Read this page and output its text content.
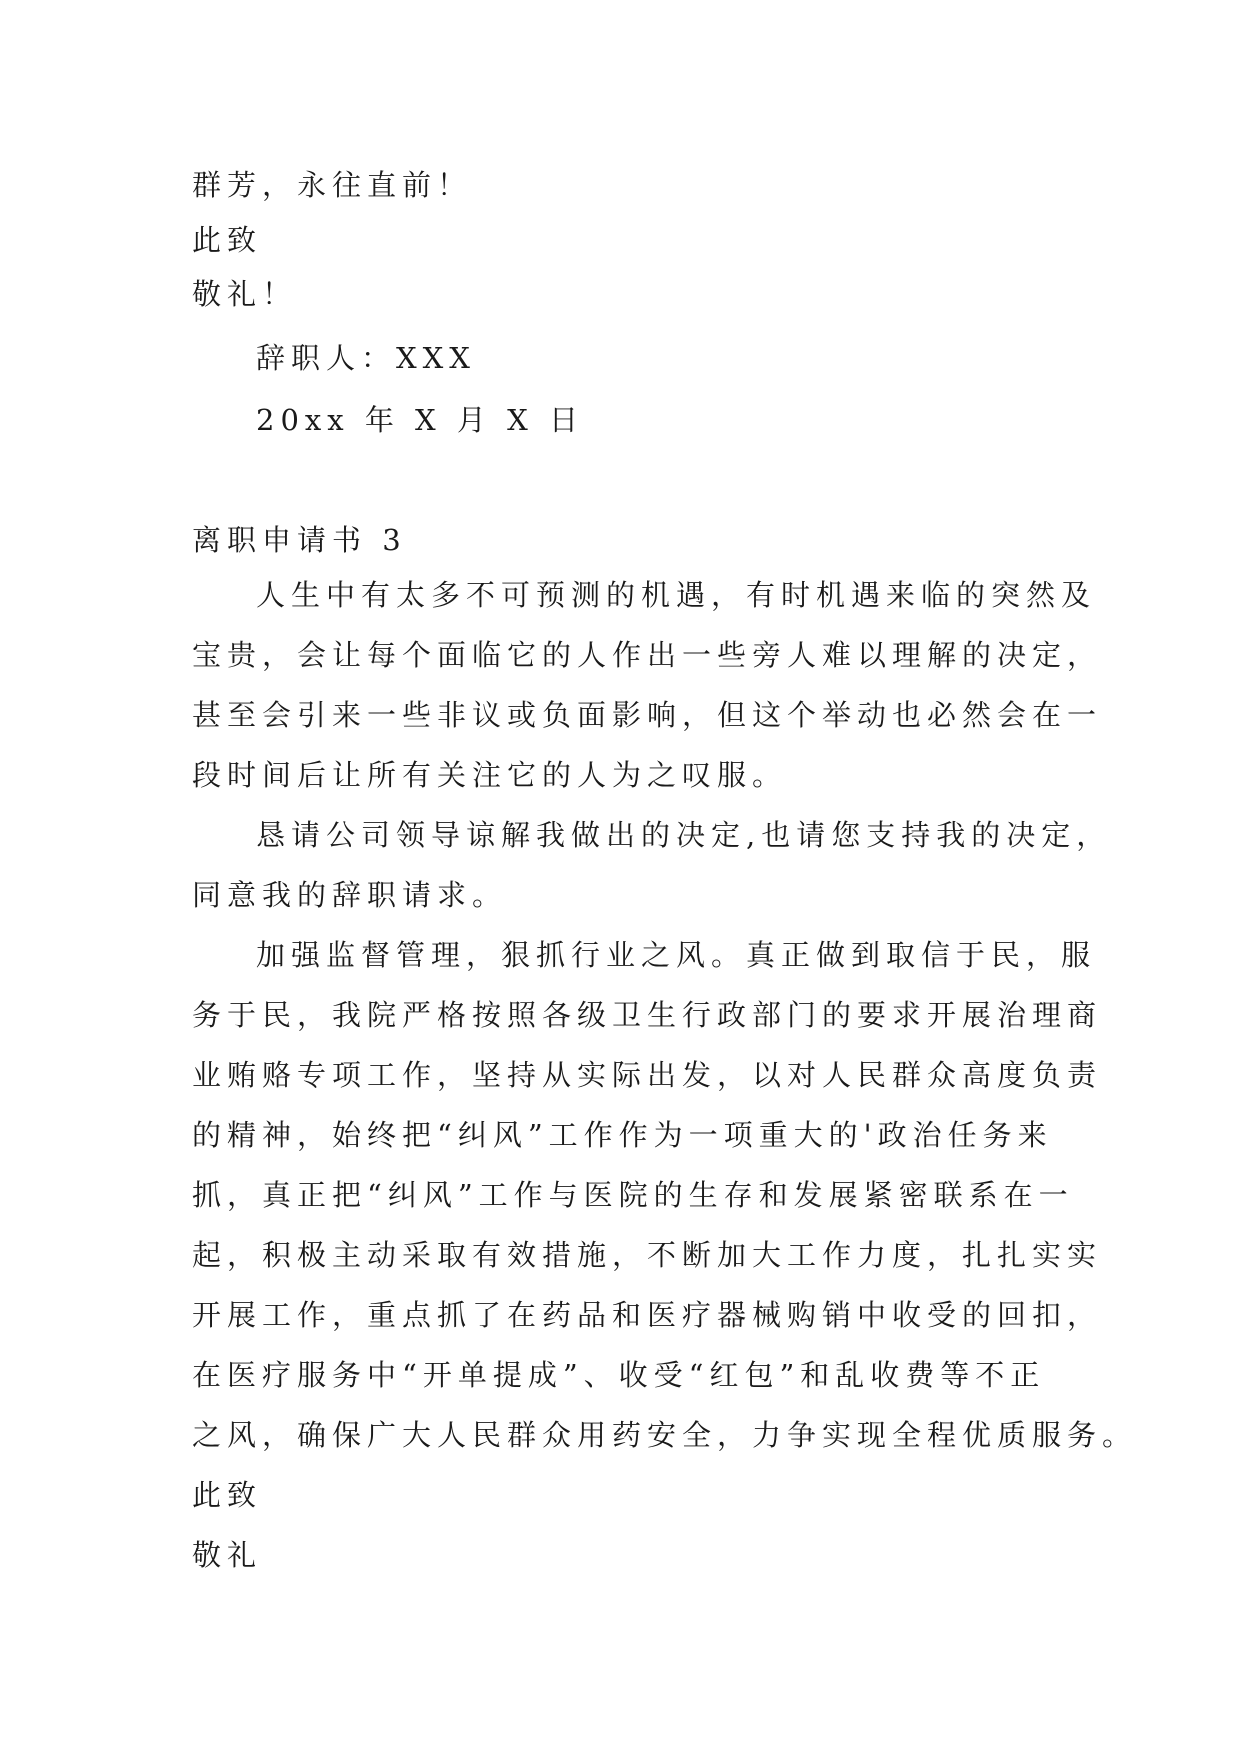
群芳，永往直前！
此致
敬礼！
辞职人：XXX
20xx 年 X 月 X 日
离职申请书 3
人生中有太多不可预测的机遇，有时机遇来临的突然及
宝贵，会让每个面临它的人作出一些旁人难以理解的决定，
甚至会引来一些非议或负面影响，但这个举动也必然会在一
段时间后让所有关注它的人为之叹服。
恳请公司领导谅解我做出的决定,也请您支持我的决定，
同意我的辞职请求。
加强监督管理，狠抓行业之风。真正做到取信于民，服
务于民，我院严格按照各级卫生行政部门的要求开展治理商
业贿赂专项工作，坚持从实际出发，以对人民群众高度负责
的精神，始终把“纠风”工作作为一项重大的'政治任务来
抓，真正把“纠风”工作与医院的生存和发展紧密联系在一
起，积极主动采取有效措施，不断加大工作力度，扎扎实实
开展工作，重点抓了在药品和医疗器械购销中收受的回扣，
在医疗服务中“开单提成”、收受“红包”和乱收费等不正
之风，确保广大人民群众用药安全，力争实现全程优质服务。
此致
敬礼
